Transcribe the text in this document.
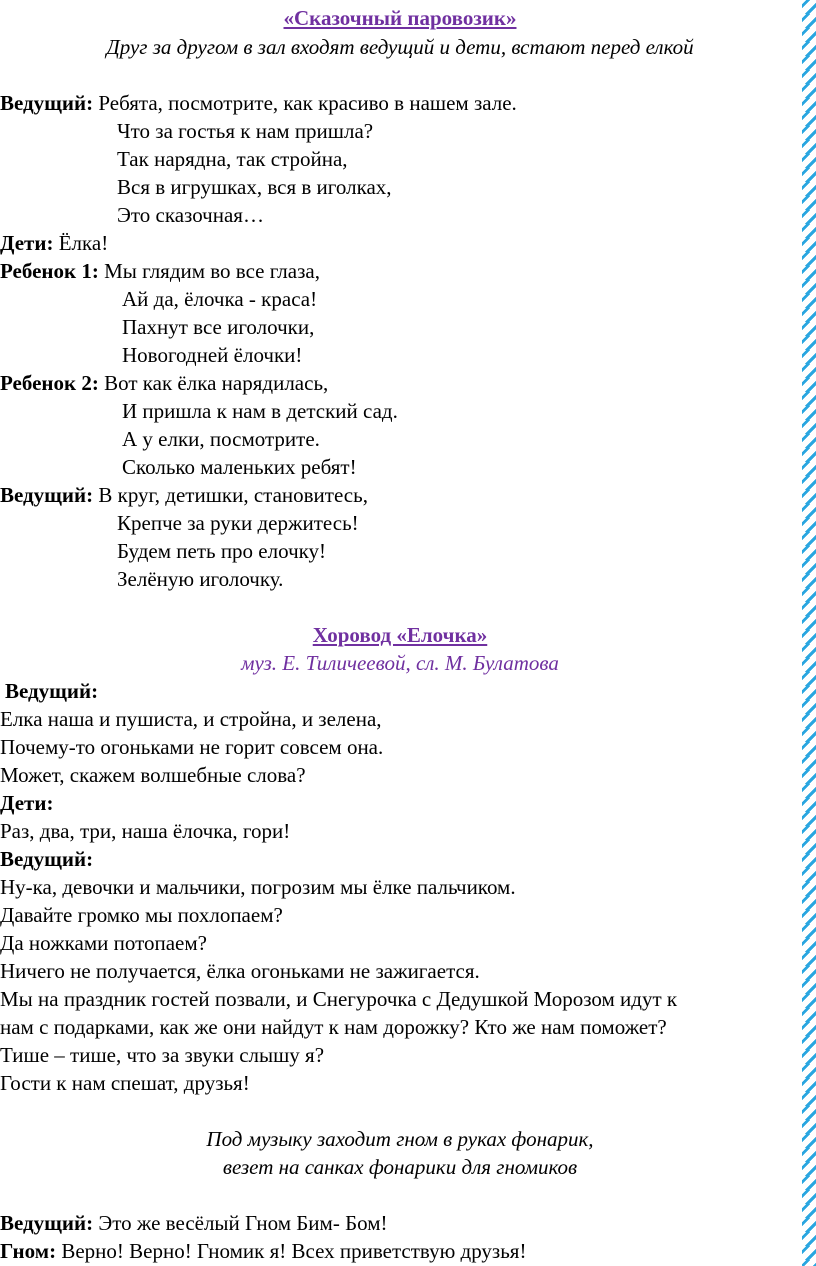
«Сказочный паровозик»
Друг за другом в зал входят ведущий и дети, встают перед елкой
Ведущий: Ребята, посмотрите, как красиво в нашем зале.
Что за гостья к нам пришла?
Так нарядна, так стройна,
Вся в игрушках, вся в иголках,
Это сказочная…
Дети: Ёлка!
Ребенок 1: Мы глядим во все глаза,
Ай да, ёлочка - краса!
Пахнут все иголочки,
Новогодней ёлочки!
Ребенок 2: Вот как ёлка нарядилась,
И пришла к нам в детский сад.
А у елки, посмотрите.
Сколько маленьких ребят!
Ведущий: В круг, детишки, становитесь,
Крепче за руки держитесь!
Будем петь про елочку!
Зелёную иголочку.
Хоровод «Елочка»
муз. Е. Тиличеевой, сл. М. Булатова
Ведущий:
Елка наша и пушиста, и стройна, и зелена,
Почему-то огоньками не горит совсем она.
Может, скажем волшебные слова?
Дети:
Раз, два, три, наша ёлочка, гори!
Ведущий:
Ну-ка, девочки и мальчики, погрозим мы ёлке пальчиком.
Давайте громко мы похлопаем?
Да ножками потопаем?
Ничего не получается, ёлка огоньками не зажигается.
Мы на праздник гостей позвали, и Снегурочка с Дедушкой Морозом идут к
нам с подарками, как же они найдут к нам дорожку? Кто же нам поможет?
Тише – тише, что за звуки слышу я?
Гости к нам спешат, друзья!
Под музыку заходит гном в руках фонарик,
везет на санках фонарики для гномиков
Ведущий: Это же весёлый Гном Бим- Бом!
Гном: Верно! Верно! Гномик я! Всех приветствую друзья!
